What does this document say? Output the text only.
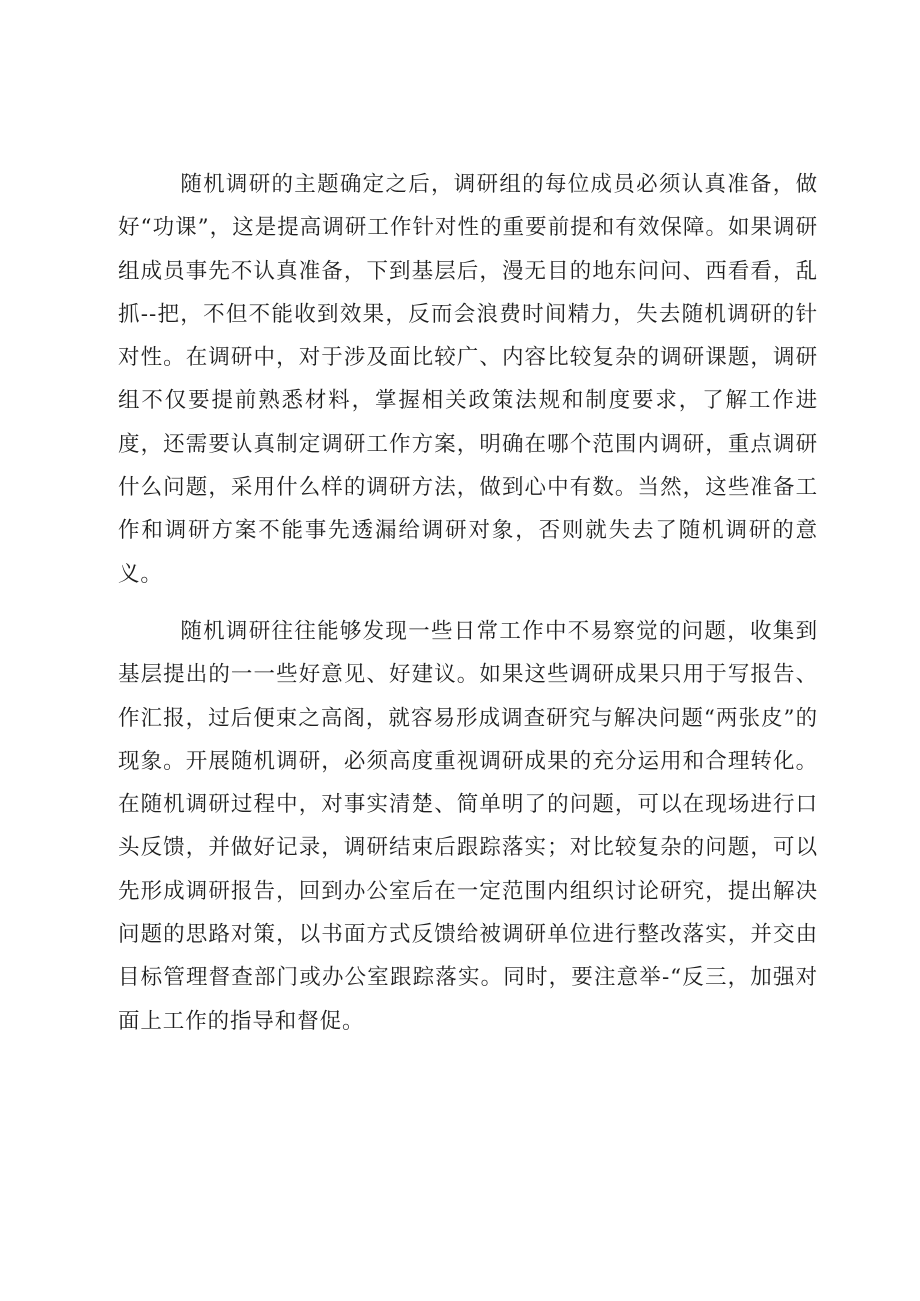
随机调研的主题确定之后，调研组的每位成员必须认真准备，做好“功课”，这是提高调研工作针对性的重要前提和有效保障。如果调研组成员事先不认真准备，下到基层后，漫无目的地东问问、西看看，乱抓--把，不但不能收到效果，反而会浪费时间精力，失去随机调研的针对性。在调研中，对于涉及面比较广、内容比较复杂的调研课题，调研组不仅要提前熟悉材料，掌握相关政策法规和制度要求，了解工作进度，还需要认真制定调研工作方案，明确在哪个范围内调研，重点调研什么问题，采用什么样的调研方法，做到心中有数。当然，这些准备工作和调研方案不能事先透漏给调研对象，否则就失去了随机调研的意义。

随机调研往往能够发现一些日常工作中不易察觉的问题，收集到基层提出的一一些好意见、好建议。如果这些调研成果只用于写报告、作汇报，过后便束之高阁，就容易形成调查研究与解决问题“两张皮”的现象。开展随机调研，必须高度重视调研成果的充分运用和合理转化。在随机调研过程中，对事实清楚、简单明了的问题，可以在现场进行口头反馈，并做好记录，调研结束后跟踪落实；对比较复杂的问题，可以先形成调研报告，回到办公室后在一定范围内组织讨论研究，提出解决问题的思路对策，以书面方式反馈给被调研单位进行整改落实，并交由目标管理督查部门或办公室跟踪落实。同时，要注意举-“反三，加强对面上工作的指导和督促。
